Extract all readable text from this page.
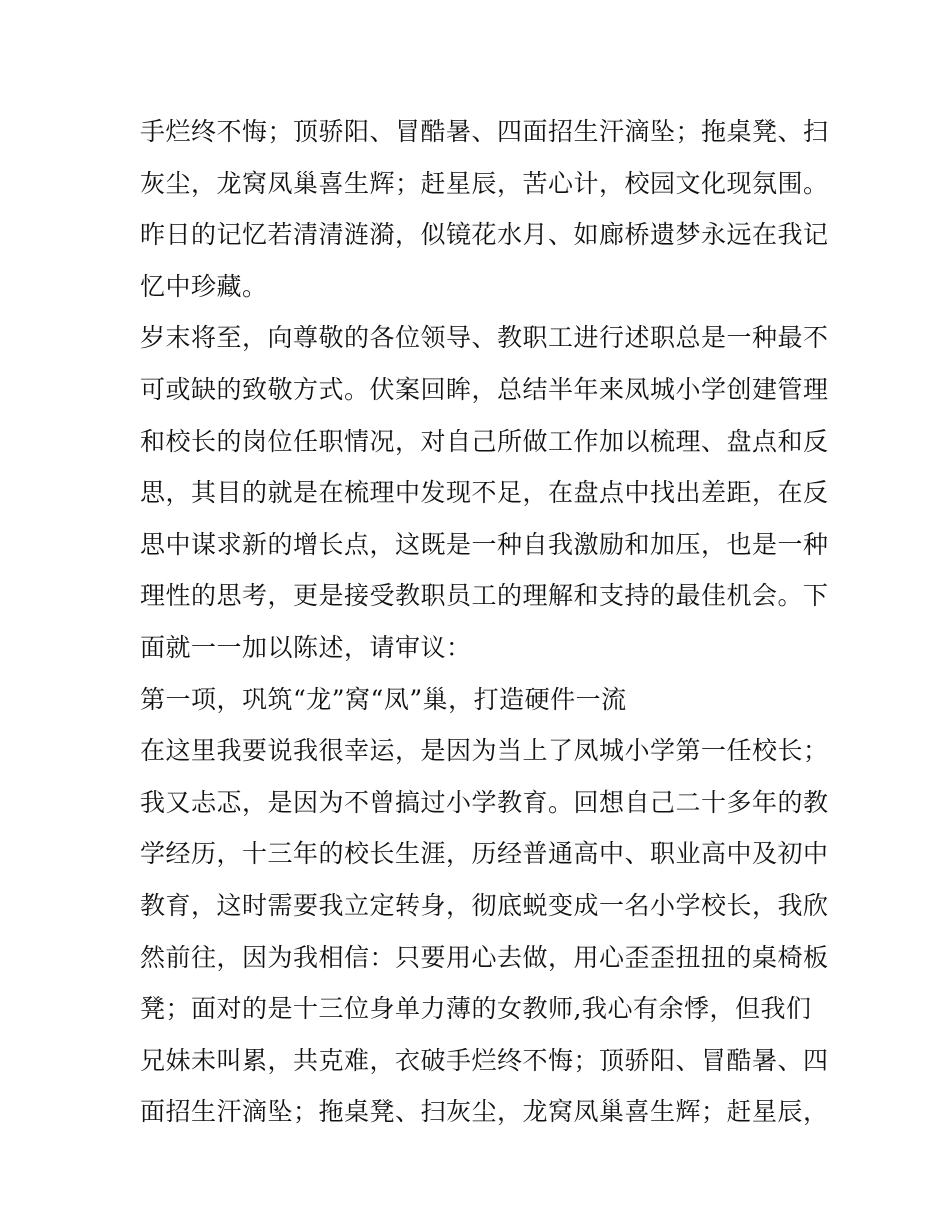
手烂终不悔；顶骄阳、冒酷暑、四面招生汗滴坠；拖桌凳、扫
灰尘，龙窝凤巢喜生辉；赶星辰，苦心计，校园文化现氛围。
昨日的记忆若清清涟漪，似镜花水月、如廊桥遗梦永远在我记
忆中珍藏。
岁末将至，向尊敬的各位领导、教职工进行述职总是一种最不
可或缺的致敬方式。伏案回眸，总结半年来凤城小学创建管理
和校长的岗位任职情况，对自己所做工作加以梳理、盘点和反
思，其目的就是在梳理中发现不足，在盘点中找出差距，在反
思中谋求新的增长点，这既是一种自我激励和加压，也是一种
理性的思考，更是接受教职员工的理解和支持的最佳机会。下
面就一一加以陈述，请审议：
第一项，巩筑“龙”窝“凤”巢，打造硬件一流
在这里我要说我很幸运，是因为当上了凤城小学第一任校长；
我又忐忑，是因为不曾搞过小学教育。回想自己二十多年的教
学经历，十三年的校长生涯，历经普通高中、职业高中及初中
教育，这时需要我立定转身，彻底蜕变成一名小学校长，我欣
然前往，因为我相信：只要用心去做，用心歪歪扭扭的桌椅板
凳；面对的是十三位身单力薄的女教师,我心有余悸，但我们
兄妹未叫累，共克难，衣破手烂终不悔；顶骄阳、冒酷暑、四
面招生汗滴坠；拖桌凳、扫灰尘，龙窝凤巢喜生辉；赶星辰，
